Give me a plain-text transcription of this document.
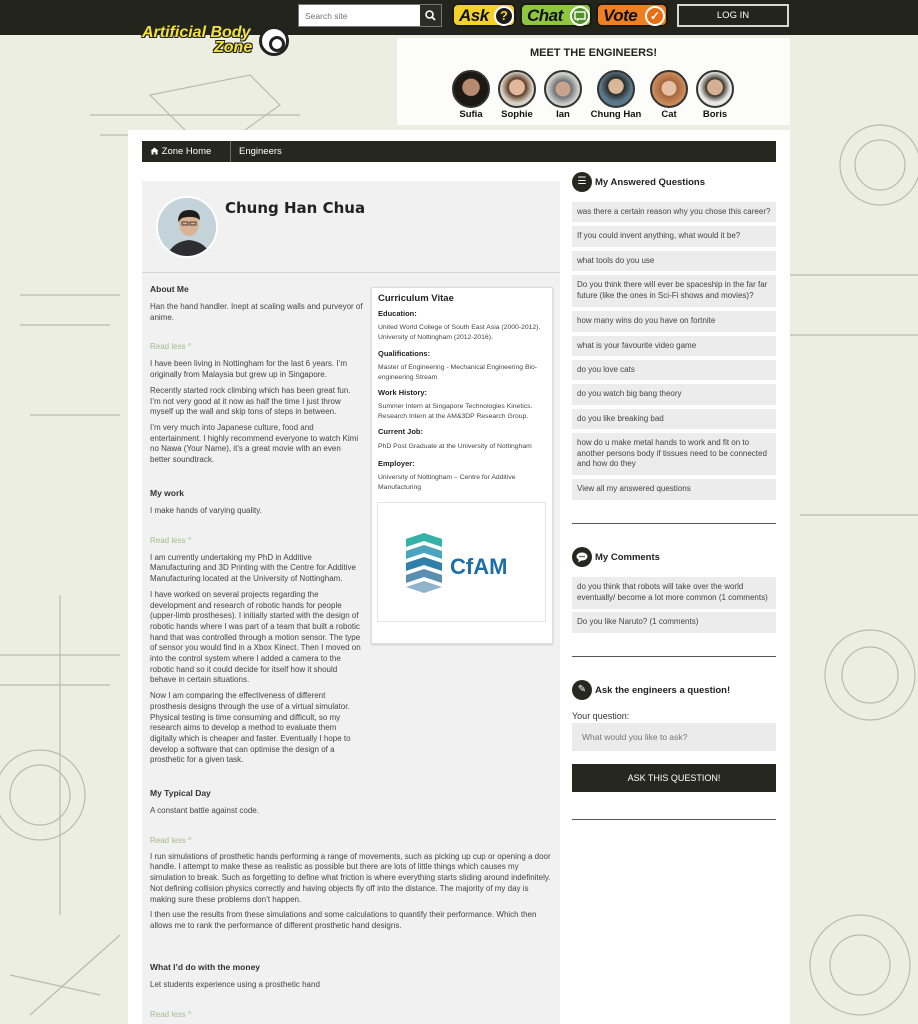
Search site
Ask ?	Chat Vote	✓	LOG IN
Artificial Body
Zone	MEET THE ENGINEERS!
Sufia	Sophie	Ian	Chung Han	Cat	Boris
Zone Home	Engineers
Chung Han Chua
About Me
Han the hand handler. Inept at scaling walls and purveyor of anime.
Read less ^
I have been living in Nottingham for the last 6 years. I’m originally from Malaysia but grew up in Singapore.
Recently started rock climbing which has been great fun. I’m not very good at it now as half the time I just throw myself up the wall and skip tons of steps in between.
I’m very much into Japanese culture, food and entertainment. I highly recommend everyone to watch Kimi no Nawa (Your Name), it’s a great movie with an even better soundtrack.
My work
I make hands of varying quality.
Read less ^
I am currently undertaking my PhD in Additive Manufacturing and 3D Printing with the Centre for Additive Manufacturing located at the University of Nottingham.
I have worked on several projects regarding the development and research of robotic hands for people (upper-limb prostheses). I initially started with the design of robotic hands where I was part of a team that built a robotic hand that was controlled through a motion sensor. The type of sensor you would find in a Xbox Kinect. Then I moved on into the control system where I added a camera to the robotic hand so it could decide for itself how it should behave in certain situations.
Now I am comparing the effectiveness of different prosthesis designs through the use of a virtual simulator. Physical testing is time consuming and difficult, so my research aims to develop a method to evaluate them digitally which is cheaper and faster. Eventually I hope to develop a software that can optimise the design of a prosthetic for a given task.
My Typical Day
A constant battle against code.
Read less ^
I run simulations of prosthetic hands performing a range of movements, such as picking up cup or opening a door handle. I attempt to make these as realistic as possible but there are lots of little things which causes my simulation to break. Such as forgetting to define what friction is where everything starts sliding around indefinitely. Not defining collision physics correctly and having objects fly off into the distance. The majority of my day is making sure these problems don’t happen.
I then use the results from these simulations and some calculations to quantify their performance. Which then allows me to rank the performance of different prosthetic hand designs.
What I’d do with the money
Let students experience using a prosthetic hand
Read less ^
Curriculum Vitae
Education:
United World College of South East Asia (2000-2012). University of Nottingham (2012-2016).
Qualifications:
Master of Engineering - Mechanical Engineering Bio-engineering Stream
Work History:
Summer Intern at Singapore Technologies Kinetics. Research Intern at the AM&3DP Research Group.
Current Job:
PhD Post Graduate at the University of Nottingham
Employer:
University of Nottingham – Centre for Additive Manufacturing
CfAM
☰ My Answered Questions
was there a certain reason why you chose this career?
If you could invent anything, what would it be?
what tools do you use
Do you think there will ever be spaceship in the far far future (like the ones in Sci-Fi shows and movies)?
how many wins do you have on fortnite
what is your favourite video game
do you love cats
do you watch big bang theory
do you like breaking bad
how do u make metal hands to work and fit on to another persons body if tissues need to be connected and how do they
View all my answered questions
My Comments
do you think that robots will take over the world eventually/ become a lot more common (1 comments)
Do you like Naruto? (1 comments)
✎ Ask the engineers a question!
Your question:
What would you like to ask?
ASK THIS QUESTION!
